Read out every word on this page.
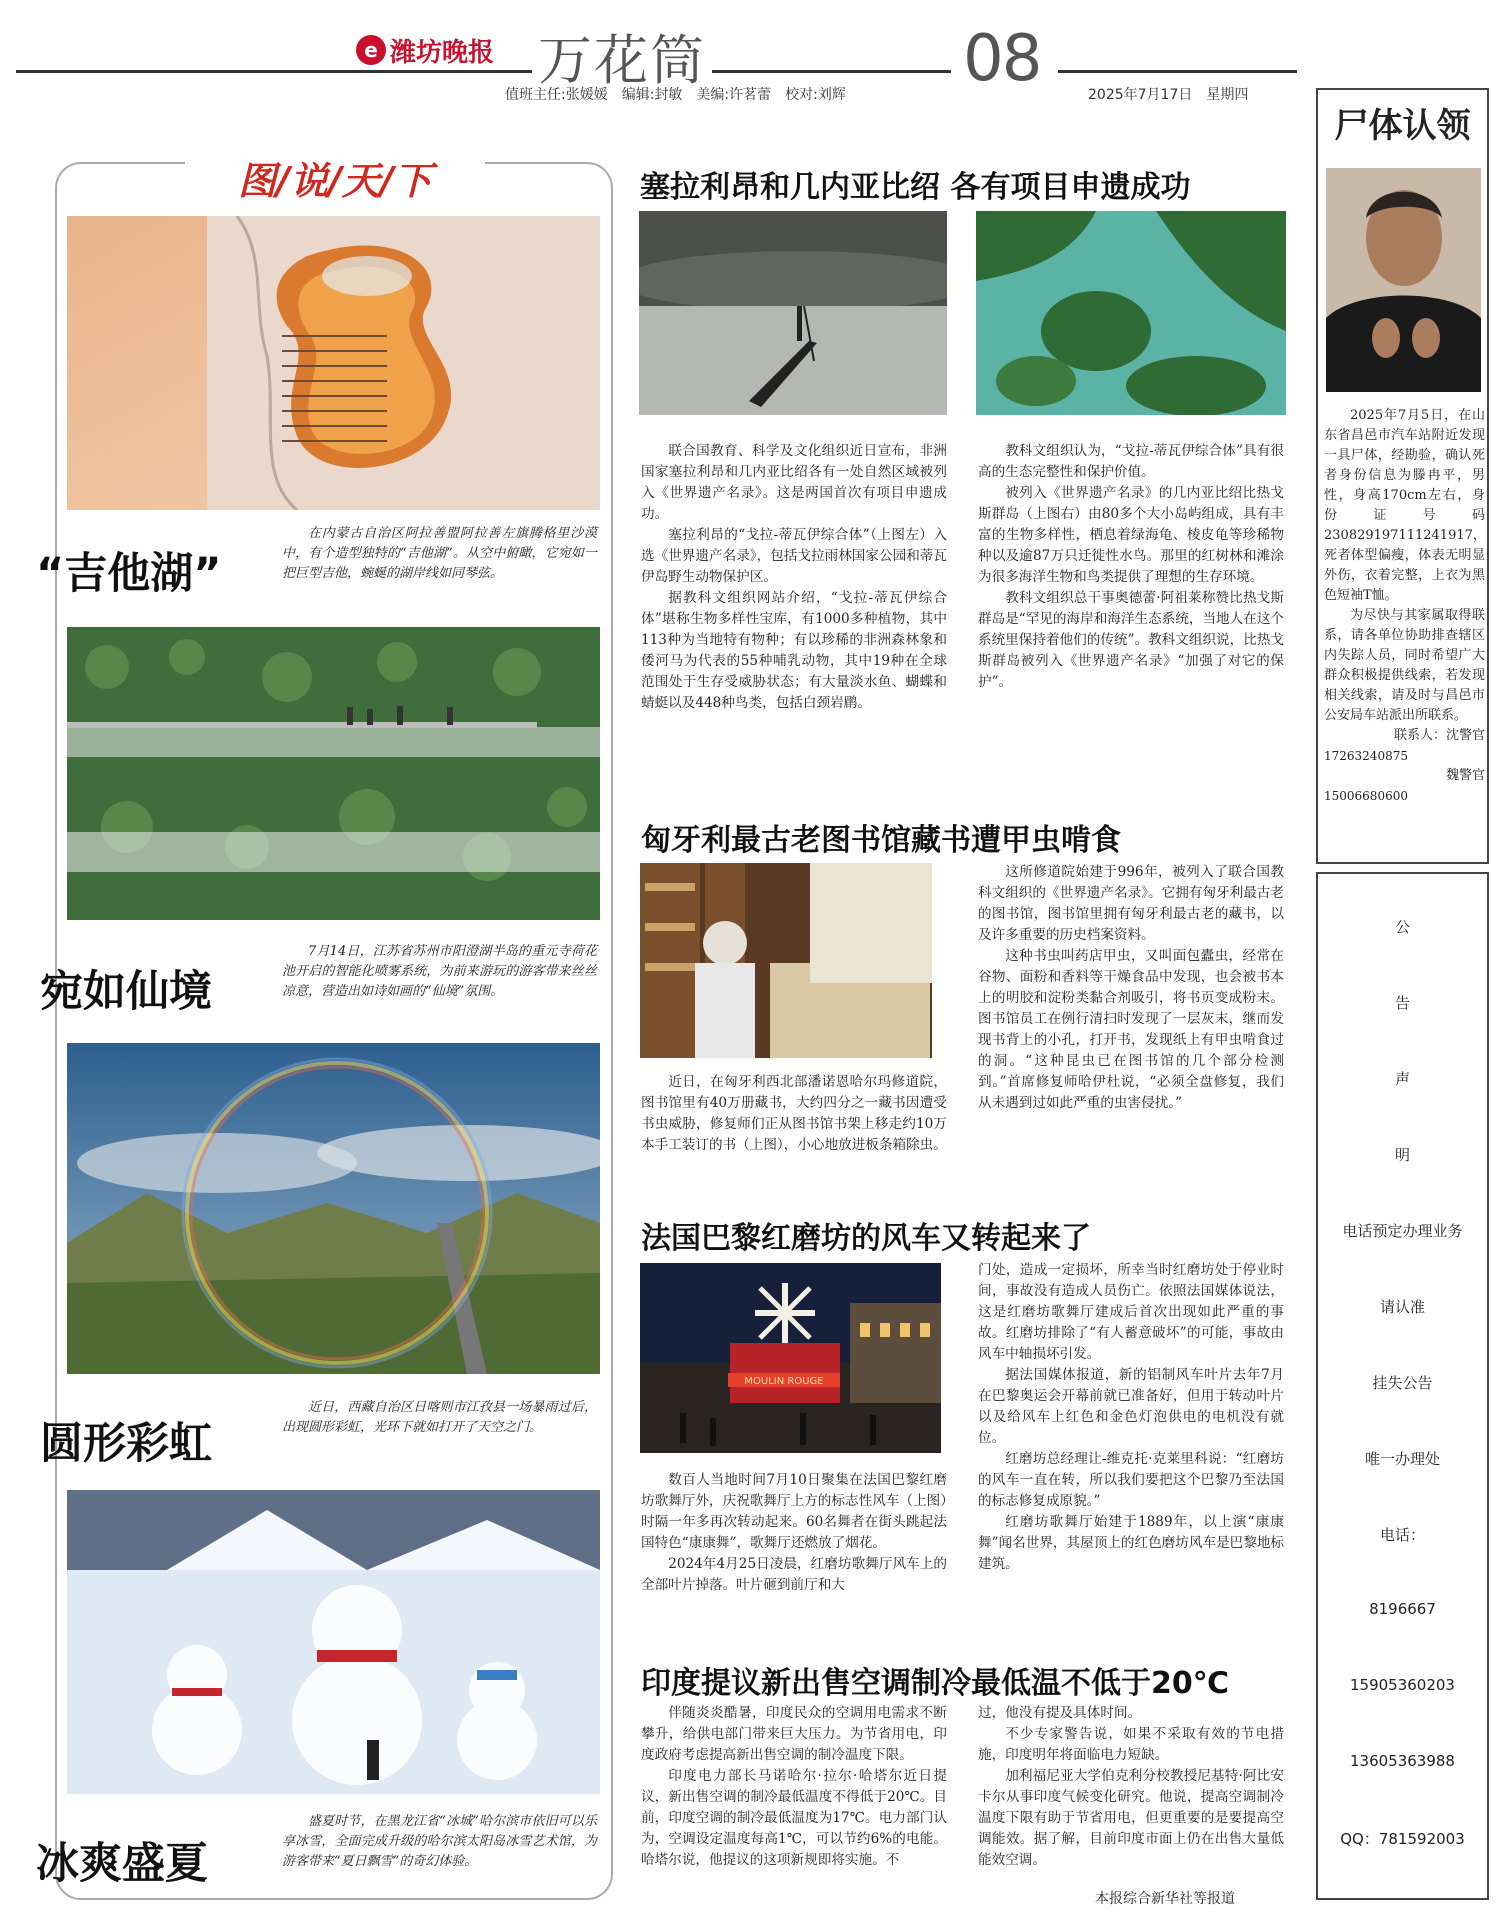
e 潍坊晚报 万花筒	08
值班主任:张媛媛　编辑:封敏　美编:许茗蕾　校对:刘辉	2025年7月17日　星期四
图/说/天/下
“吉他湖”
在内蒙古自治区阿拉善盟阿拉善左旗腾格里沙漠中，有个造型独特的“吉他湖”。从空中俯瞰，它宛如一把巨型吉他，蜿蜒的湖岸线如同琴弦。
宛如仙境
7月14日，江苏省苏州市阳澄湖半岛的重元寺荷花池开启的智能化喷雾系统，为前来游玩的游客带来丝丝凉意，营造出如诗如画的“仙境”氛围。
圆形彩虹
近日，西藏自治区日喀则市江孜县一场暴雨过后，出现圆形彩虹，光环下就如打开了天空之门。
冰爽盛夏
盛夏时节，在黑龙江省“冰城”哈尔滨市依旧可以乐享冰雪，全面完成升级的哈尔滨太阳岛冰雪艺术馆，为游客带来“夏日飘雪”的奇幻体验。
塞拉利昂和几内亚比绍 各有项目申遗成功

联合国教育、科学及文化组织近日宣布，非洲国家塞拉利昂和几内亚比绍各有一处自然区域被列入《世界遗产名录》。这是两国首次有项目申遗成功。

塞拉利昂的“戈拉-蒂瓦伊综合体”（上图左）入选《世界遗产名录》，包括戈拉雨林国家公园和蒂瓦伊岛野生动物保护区。

据教科文组织网站介绍，“戈拉-蒂瓦伊综合体”堪称生物多样性宝库，有1000多种植物，其中113种为当地特有物种；有以珍稀的非洲森林象和倭河马为代表的55种哺乳动物，其中19种在全球范围处于生存受威胁状态；有大量淡水鱼、蝴蝶和蜻蜓以及448种鸟类，包括白颈岩鹛。

教科文组织认为，“戈拉-蒂瓦伊综合体”具有很高的生态完整性和保护价值。

被列入《世界遗产名录》的几内亚比绍比热戈斯群岛（上图右）由80多个大小岛屿组成，具有丰富的生物多样性，栖息着绿海龟、棱皮龟等珍稀物种以及逾87万只迁徙性水鸟。那里的红树林和滩涂为很多海洋生物和鸟类提供了理想的生存环境。

教科文组织总干事奥德蕾·阿祖莱称赞比热戈斯群岛是“罕见的海岸和海洋生态系统，当地人在这个系统里保持着他们的传统”。教科文组织说，比热戈斯群岛被列入《世界遗产名录》“加强了对它的保护”。

匈牙利最古老图书馆藏书遭甲虫啃食

这所修道院始建于996年，被列入了联合国教科文组织的《世界遗产名录》。它拥有匈牙利最古老的图书馆，图书馆里拥有匈牙利最古老的藏书，以及许多重要的历史档案资料。

这种书虫叫药店甲虫，又叫面包蠹虫，经常在谷物、面粉和香料等干燥食品中发现，也会被书本上的明胶和淀粉类黏合剂吸引，将书页变成粉末。图书馆员工在例行清扫时发现了一层灰末，继而发现书背上的小孔，打开书，发现纸上有甲虫啃食过的洞。“这种昆虫已在图书馆的几个部分检测到。”首席修复师哈伊杜说，“必须全盘修复，我们从未遇到过如此严重的虫害侵扰。”

近日，在匈牙利西北部潘诺恩哈尔玛修道院，图书馆里有40万册藏书，大约四分之一藏书因遭受书虫威胁，修复师们正从图书馆书架上移走约10万本手工装订的书（上图），小心地放进板条箱除虫。

法国巴黎红磨坊的风车又转起来了
MOULIN ROUGE

门处，造成一定损坏，所幸当时红磨坊处于停业时间，事故没有造成人员伤亡。依照法国媒体说法，这是红磨坊歌舞厅建成后首次出现如此严重的事故。红磨坊排除了“有人蓄意破坏”的可能，事故由风车中轴损坏引发。

据法国媒体报道，新的铝制风车叶片去年7月在巴黎奥运会开幕前就已准备好，但用于转动叶片以及给风车上红色和金色灯泡供电的电机没有就位。

红磨坊总经理让-维克托·克莱里科说：“红磨坊的风车一直在转，所以我们要把这个巴黎乃至法国的标志修复成原貌。”

红磨坊歌舞厅始建于1889年，以上演“康康舞”闻名世界，其屋顶上的红色磨坊风车是巴黎地标建筑。

数百人当地时间7月10日聚集在法国巴黎红磨坊歌舞厅外，庆祝歌舞厅上方的标志性风车（上图）时隔一年多再次转动起来。60名舞者在街头跳起法国特色“康康舞”，歌舞厅还燃放了烟花。

2024年4月25日凌晨，红磨坊歌舞厅风车上的全部叶片掉落。叶片砸到前厅和大

印度提议新出售空调制冷最低温不低于20℃

伴随炎炎酷暑，印度民众的空调用电需求不断攀升，给供电部门带来巨大压力。为节省用电，印度政府考虑提高新出售空调的制冷温度下限。

印度电力部长马诺哈尔·拉尔·哈塔尔近日提议，新出售空调的制冷最低温度不得低于20℃。目前，印度空调的制冷最低温度为17℃。电力部门认为，空调设定温度每高1℃，可以节约6%的电能。哈塔尔说，他提议的这项新规即将实施。不

过，他没有提及具体时间。

不少专家警告说，如果不采取有效的节电措施，印度明年将面临电力短缺。

加利福尼亚大学伯克利分校教授尼基特·阿比安卡尔从事印度气候变化研究。他说，提高空调制冷温度下限有助于节省用电，但更重要的是要提高空调能效。据了解，目前印度市面上仍在出售大量低能效空调。

本报综合新华社等报道
尸体认领

2025年7月5日，在山东省昌邑市汽车站附近发现一具尸体，经勘验，确认死者身份信息为滕冉平，男性，身高170cm左右，身份证号码230829197111241917，死者体型偏瘦，体表无明显外伤，衣着完整，上衣为黑色短袖T恤。

为尽快与其家属取得联系，请各单位协助排查辖区内失踪人员，同时希望广大群众积极提供线索，若发现相关线索，请及时与昌邑市公安局车站派出所联系。

联系人：沈警官
17263240875
魏警官
15006680600
公
告
声
明
电话预定办理业务
请认准
挂失公告
唯一办理处
电话：
8196667
15905360203
13605363988
QQ：78159200​3
